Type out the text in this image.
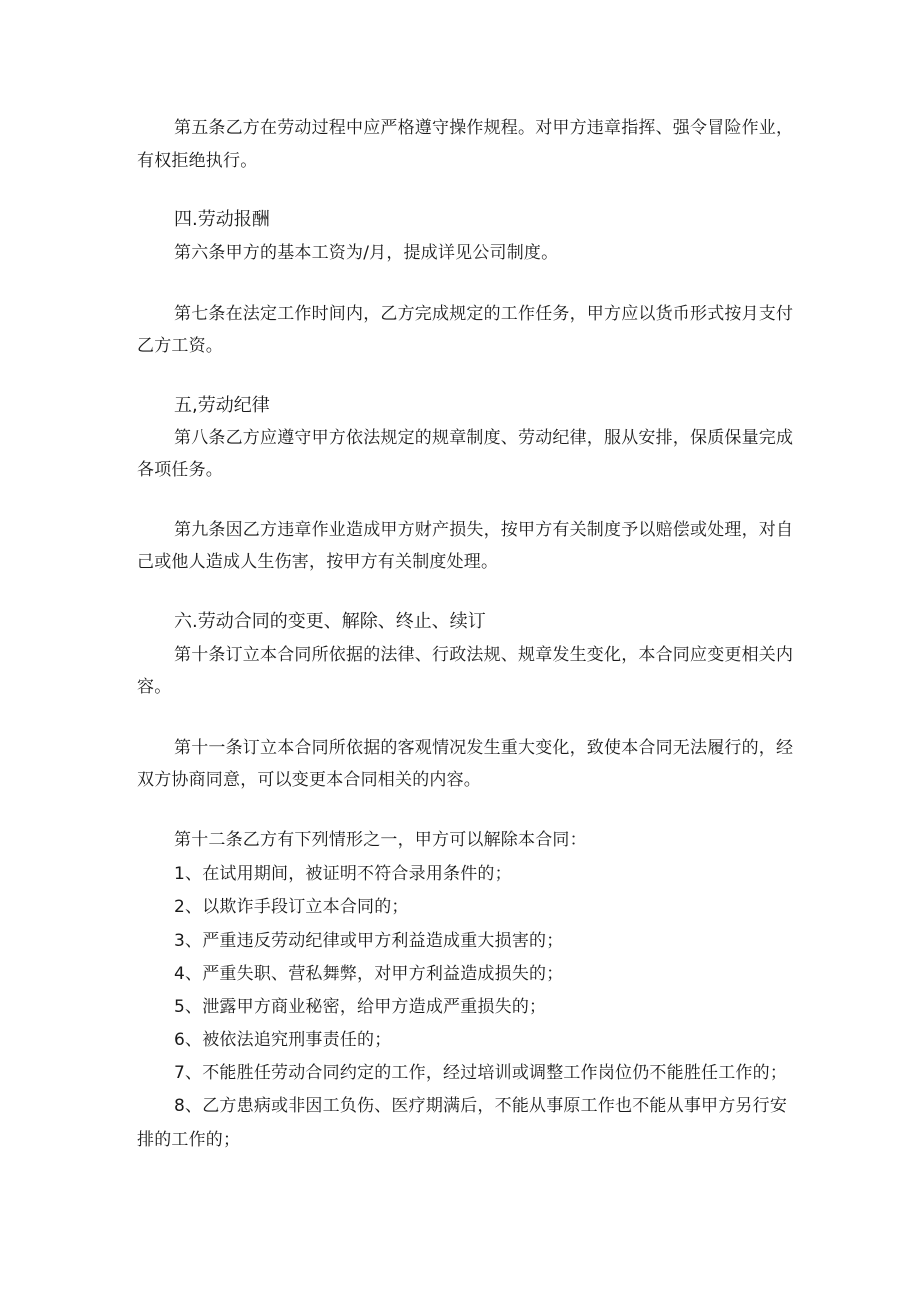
第五条乙方在劳动过程中应严格遵守操作规程。对甲方违章指挥、强令冒险作业，
有权拒绝执行。
四.劳动报酬
第六条甲方的基本工资为/月，提成详见公司制度。
第七条在法定工作时间内，乙方完成规定的工作任务，甲方应以货币形式按月支付
乙方工资。
五,劳动纪律
第八条乙方应遵守甲方依法规定的规章制度、劳动纪律，服从安排，保质保量完成
各项任务。
第九条因乙方违章作业造成甲方财产损失，按甲方有关制度予以赔偿或处理，对自
己或他人造成人生伤害，按甲方有关制度处理。
六.劳动合同的变更、解除、终止、续订
第十条订立本合同所依据的法律、行政法规、规章发生变化，本合同应变更相关内
容。
第十一条订立本合同所依据的客观情况发生重大变化，致使本合同无法履行的，经
双方协商同意，可以变更本合同相关的内容。
第十二条乙方有下列情形之一，甲方可以解除本合同：
1、在试用期间，被证明不符合录用条件的；
2、以欺诈手段订立本合同的；
3、严重违反劳动纪律或甲方利益造成重大损害的；
4、严重失职、营私舞弊，对甲方利益造成损失的；
5、泄露甲方商业秘密，给甲方造成严重损失的；
6、被依法追究刑事责任的；
7、不能胜任劳动合同约定的工作，经过培训或调整工作岗位仍不能胜任工作的；
8、乙方患病或非因工负伤、医疗期满后，不能从事原工作也不能从事甲方另行安
排的工作的；
